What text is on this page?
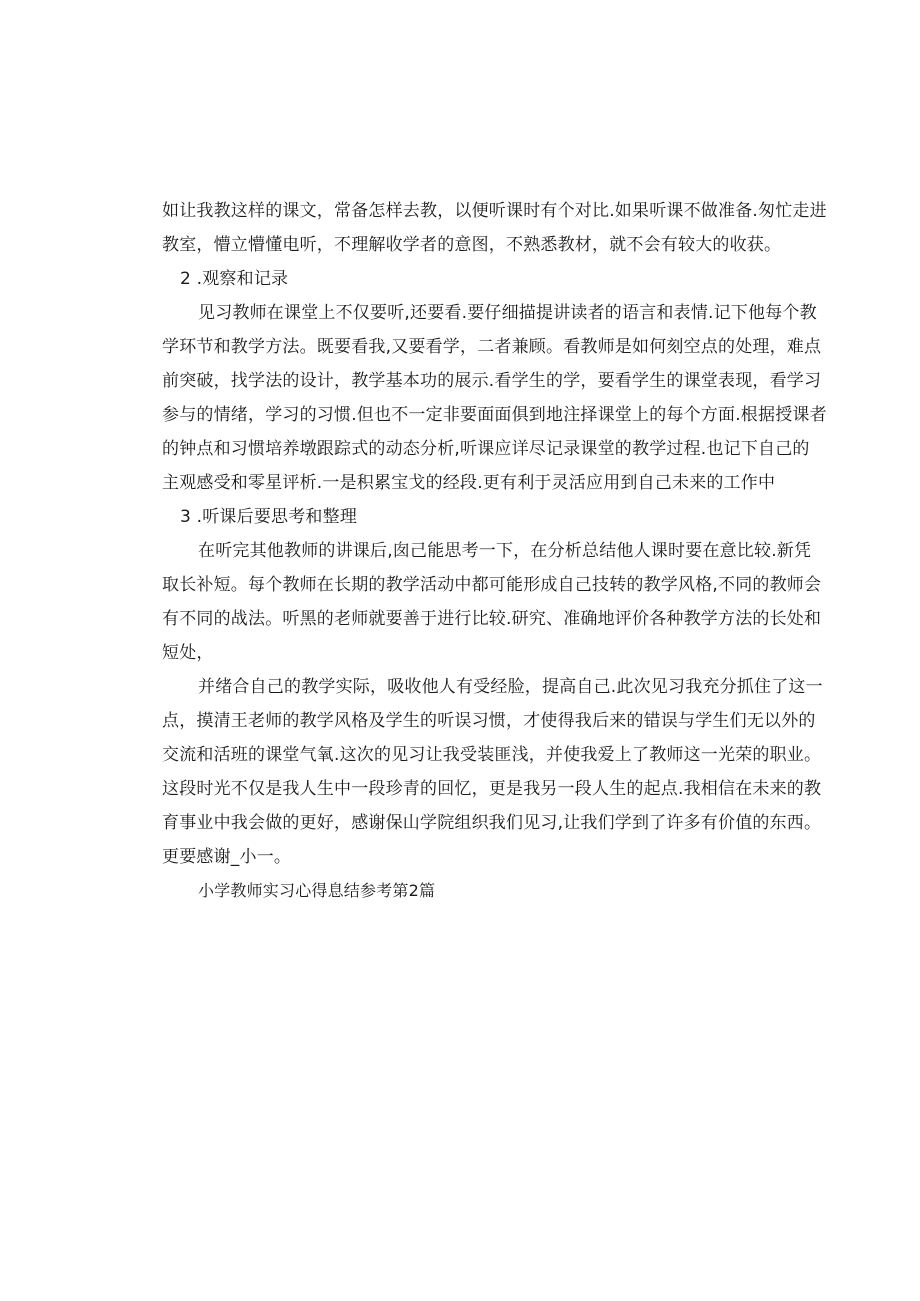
如让我教这样的课文，常备怎样去教，以便听课时有个对比.如果听课不做准备.匆忙走进
教室，懵立懵懂电听，不理解收学者的意图，不熟悉教材，就不会有较大的收获。
2 .观察和记录
见习教师在课堂上不仅要听,还要看.要仔细描提讲读者的语言和表情.记下他每个教
学环节和教学方法。既要看我,又要看学，二者兼顾。看教师是如何刻空点的处理，难点
前突破，找学法的设计，教学基本功的展示.看学生的学，要看学生的课堂表现，看学习
参与的情绪，学习的习惯.但也不一定非要面面俱到地注择课堂上的每个方面.根据授课者
的钟点和习惯培养墩跟踪式的动态分析,听课应详尽记录课堂的教学过程.也记下自己的
主观感受和零星评析.一是积累宝戈的经段.更有利于灵活应用到自己未来的工作中
3 .听课后要思考和整理
在听完其他教师的讲课后,囱己能思考一下，在分析总结他人课时要在意比较.新凭
取长补短。每个教师在长期的教学活动中都可能形成自己技转的教学风格,不同的教师会
有不同的战法。听黑的老师就要善于进行比较.研究、准确地评价各种教学方法的长处和
短处，
并绪合自己的教学实际，吸收他人有受经脸，提高自己.此次见习我充分抓住了这一
点，摸清王老师的教学风格及学生的听误习惯，才使得我后来的错误与学生们无以外的
交流和活班的课堂气氧.这次的见习让我受装匪浅，并使我爱上了教师这一光荣的职业。
这段时光不仅是我人生中一段珍青的回忆，更是我另一段人生的起点.我相信在未来的教
育事业中我会做的更好，感谢保山学院组织我们见习,让我们学到了许多有价值的东西。
更要感谢_小一。
小学教师实习心得息结参考第2篇
